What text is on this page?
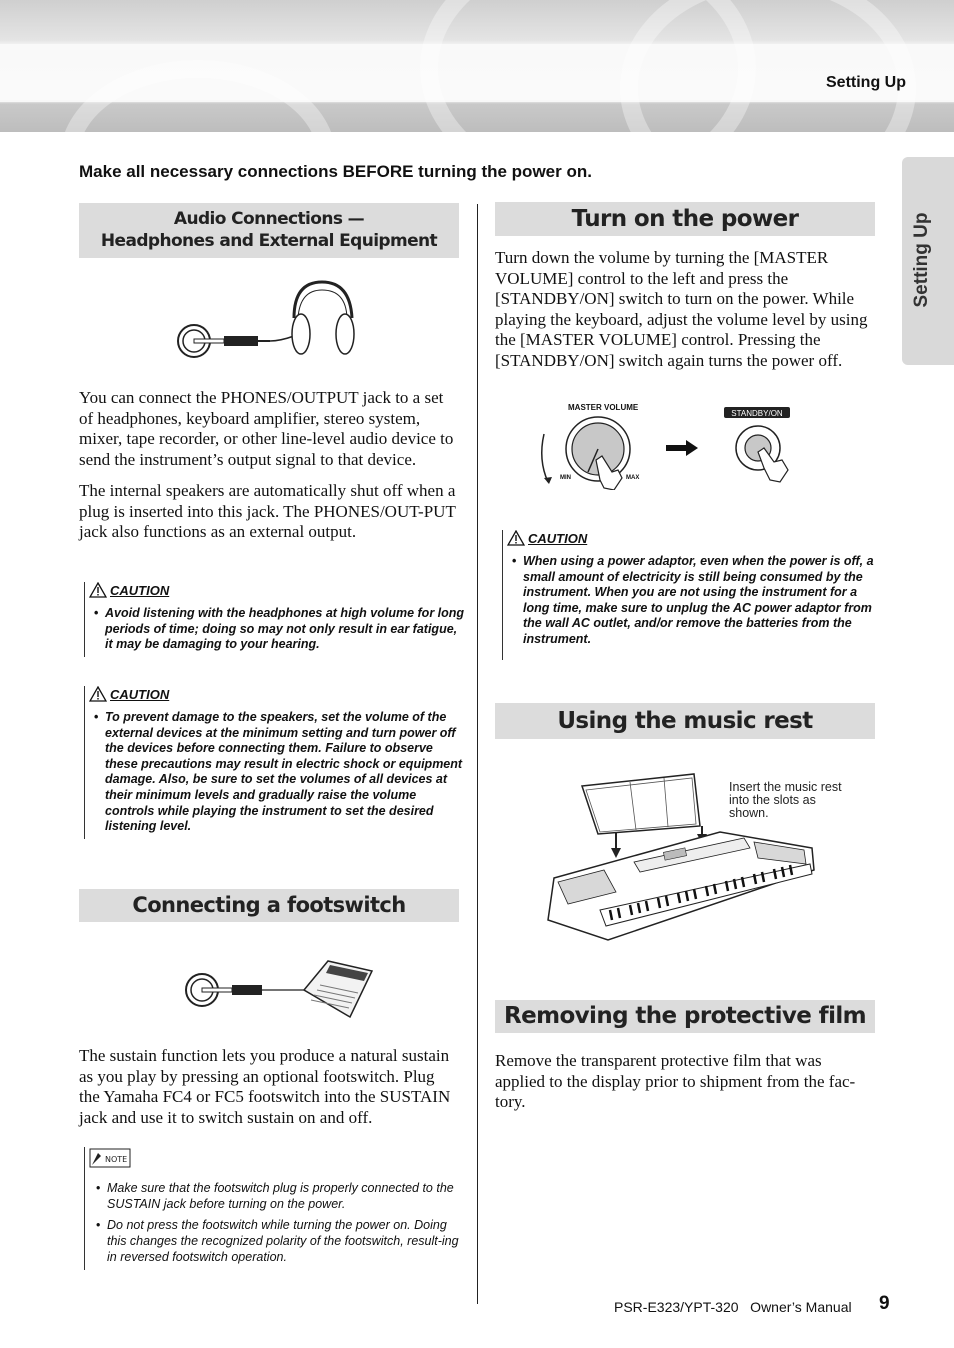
Setting Up
Setting Up
Make all necessary connections BEFORE turning the power on.
Audio Connections —
Headphones and External Equipment

You can connect the PHONES/OUTPUT jack to a set of headphones, keyboard amplifier, stereo system, mixer, tape recorder, or other line-level audio device to send the instrument’s output signal to that device.

The internal speakers are automatically shut off when a plug is inserted into this jack. The PHONES/OUT-PUT jack also functions as an external output.

CAUTION
• Avoid listening with the headphones at high volume for long periods of time; doing so may not only result in ear fatigue, it may be damaging to your hearing.
CAUTION
• To prevent damage to the speakers, set the volume of the external devices at the minimum setting and turn power off the devices before connecting them. Failure to observe these precautions may result in electric shock or equipment damage. Also, be sure to set the volumes of all devices at their minimum levels and gradually raise the volume controls while playing the instrument to set the desired listening level.
Connecting a footswitch

The sustain function lets you produce a natural sustain as you play by pressing an optional footswitch. Plug the Yamaha FC4 or FC5 footswitch into the SUSTAIN jack and use it to switch sustain on and off.

NOTE
• Make sure that the footswitch plug is properly connected to the SUSTAIN jack before turning on the power.
• Do not press the footswitch while turning the power on. Doing this changes the recognized polarity of the footswitch, result-ing in reversed footswitch operation.
Turn on the power

Turn down the volume by turning the [MASTER VOLUME] control to the left and press the [STANDBY/ON] switch to turn on the power. While playing the keyboard, adjust the volume level by using the [MASTER VOLUME] control. Pressing the [STANDBY/ON] switch again turns the power off.

MASTER VOLUME
MIN	MAX
STANDBY/ON
CAUTION
• When using a power adaptor, even when the power is off, a small amount of electricity is still being consumed by the instrument. When you are not using the instrument for a long time, make sure to unplug the AC power adaptor from the wall AC outlet, and/or remove the batteries from the instrument.
Using the music rest
Insert the music rest into the slots as shown.
Removing the protective film

Remove the transparent protective film that was applied to the display prior to shipment from the fac-tory.

PSR-E323/YPT-320   Owner’s Manual 9
